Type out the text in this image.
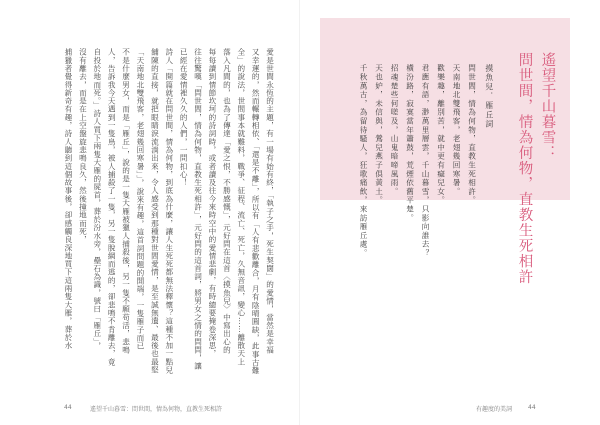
愛是世間永恆的主題，有一場有始有終，「執子之手，死生契闊」的愛情，當然是幸福
又幸運的，然而輾轉相依、「還是不離」，所以有「人有悲歡離合，月有陰晴圓缺，此事古難
全」的說法，世間事本就難料，戰爭、征程、流亡、死亡，久無音訊，變心……離散天上
落入凡間的，也為了傳達「愛之恨，不勝感慨」，元好問在這首〈摸魚兒〉中寫出心的
每每讀到情節坎坷的詩詞時，或者讀及往今來時空中的愛情悲劇，有時總要掩卷深思，
往往驚嘆「問世間，情為何物，直教生死相許」，元好問的這首詞，將男女之情的問問，讓
已經在愛情裡久久的人們，一問扣心！
詩人「開篇就在問世間，情為何物，到底為什麼，讓人生死死都無法釋懷？這種不加一點兒
舖陳的直接，就把眼睛淚流淌出來，令人感受到那種對世間愛情，是至誠無遺、最後也最堅
「天南地北雙飛客，老翅幾回寒暑」」，說來有趣，這首詞問題的開端，一隻雁子而已
不是什麼男女，而是「雁丘」，說的是一隻大雁被獵人捕殺後，另一隻不願苟活，悲鳴
人，告訴我今天遇到一隻鳥，被人捕殺了一隻，另一隻脫網而逃的，卻悲鳴不肯離去，竟
自投於地而死。」詩人買下兩隻大雁的屍首，葬於汾水旁，壘石為識，號曰「雁丘」，
沒有離去，而是在上空盤旋悲鳴良久，然後撞地而死，
捕獵者覺得新奇有趣，詩人聽到這個故事後，卻感觸良深地買下這兩隻大雁，葬於水	遙望千山暮雪：
問世間，情為何物，直教生死相許
摸魚兒．雁丘詞
問世間，情為何物，直教生死相許。
天南地北雙飛客，老翅幾回寒暑。
歡樂趣，離別苦，就中更有癡兒女。
君應有語，渺萬里層雲，千山暮雪，只影向誰去？
橫汾路，寂寞當年簫鼓，荒煙依舊平楚。
招魂楚些何嗟及，山鬼暗啼風雨。
天也妒，未信與，鶯兒燕子俱黃土。
千秋萬古，為留待騷人，狂歌痛飲，來訪雁丘處。
44	遙望千山暮雪：問世間，情為何物，直教生死相許	有趣度的美詞	44
